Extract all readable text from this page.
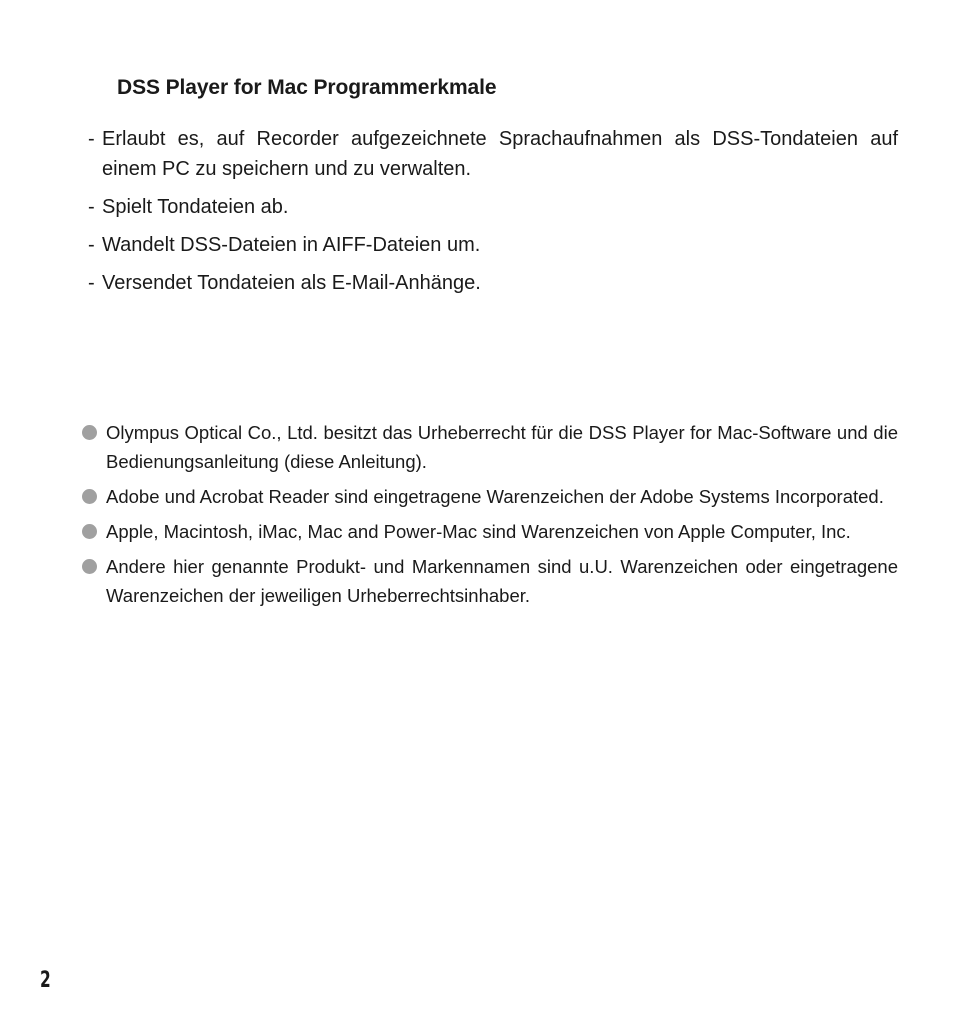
DSS Player for Mac Programmerkmale
- Erlaubt es, auf Recorder aufgezeichnete Sprachaufnahmen als DSS-Tondateien auf einem PC zu speichern und zu verwalten.
- Spielt Tondateien ab.
- Wandelt DSS-Dateien in AIFF-Dateien um.
- Versendet Tondateien als E-Mail-Anhänge.
Olympus Optical Co., Ltd. besitzt das Urheberrecht für die DSS Player for Mac-Software und die Bedienungsanleitung (diese Anleitung).
Adobe und Acrobat Reader sind eingetragene Warenzeichen der Adobe Systems Incorporated.
Apple, Macintosh, iMac, Mac and Power-Mac sind Warenzeichen von Apple Computer, Inc.
Andere hier genannte Produkt- und Markennamen sind u.U. Warenzeichen oder eingetragene Warenzeichen der jeweiligen Urheberrechtsinhaber.
2
